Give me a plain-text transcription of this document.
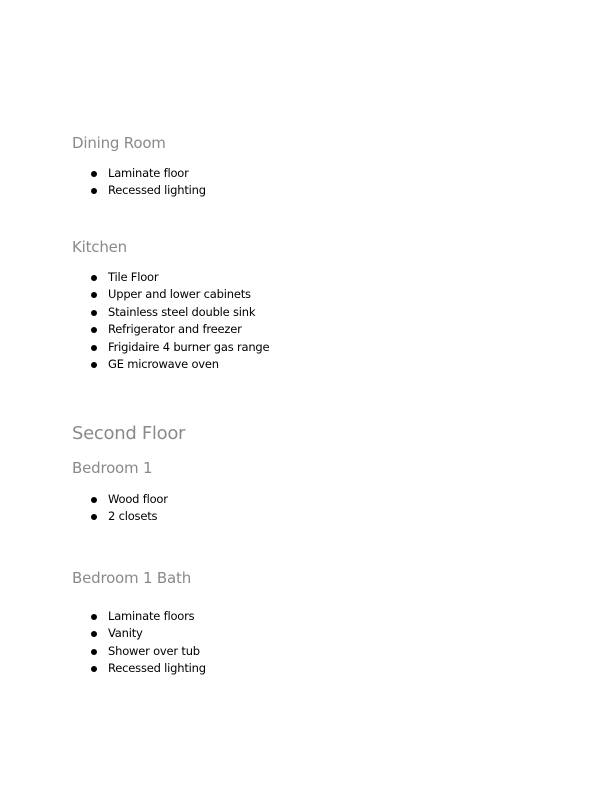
Dining Room
Laminate floor
Recessed lighting
Kitchen
Tile Floor
Upper and lower cabinets
Stainless steel double sink
Refrigerator and freezer
Frigidaire 4 burner gas range
GE microwave oven
Second Floor
Bedroom 1
Wood floor
2 closets
Bedroom 1 Bath
Laminate floors
Vanity
Shower over tub
Recessed lighting
